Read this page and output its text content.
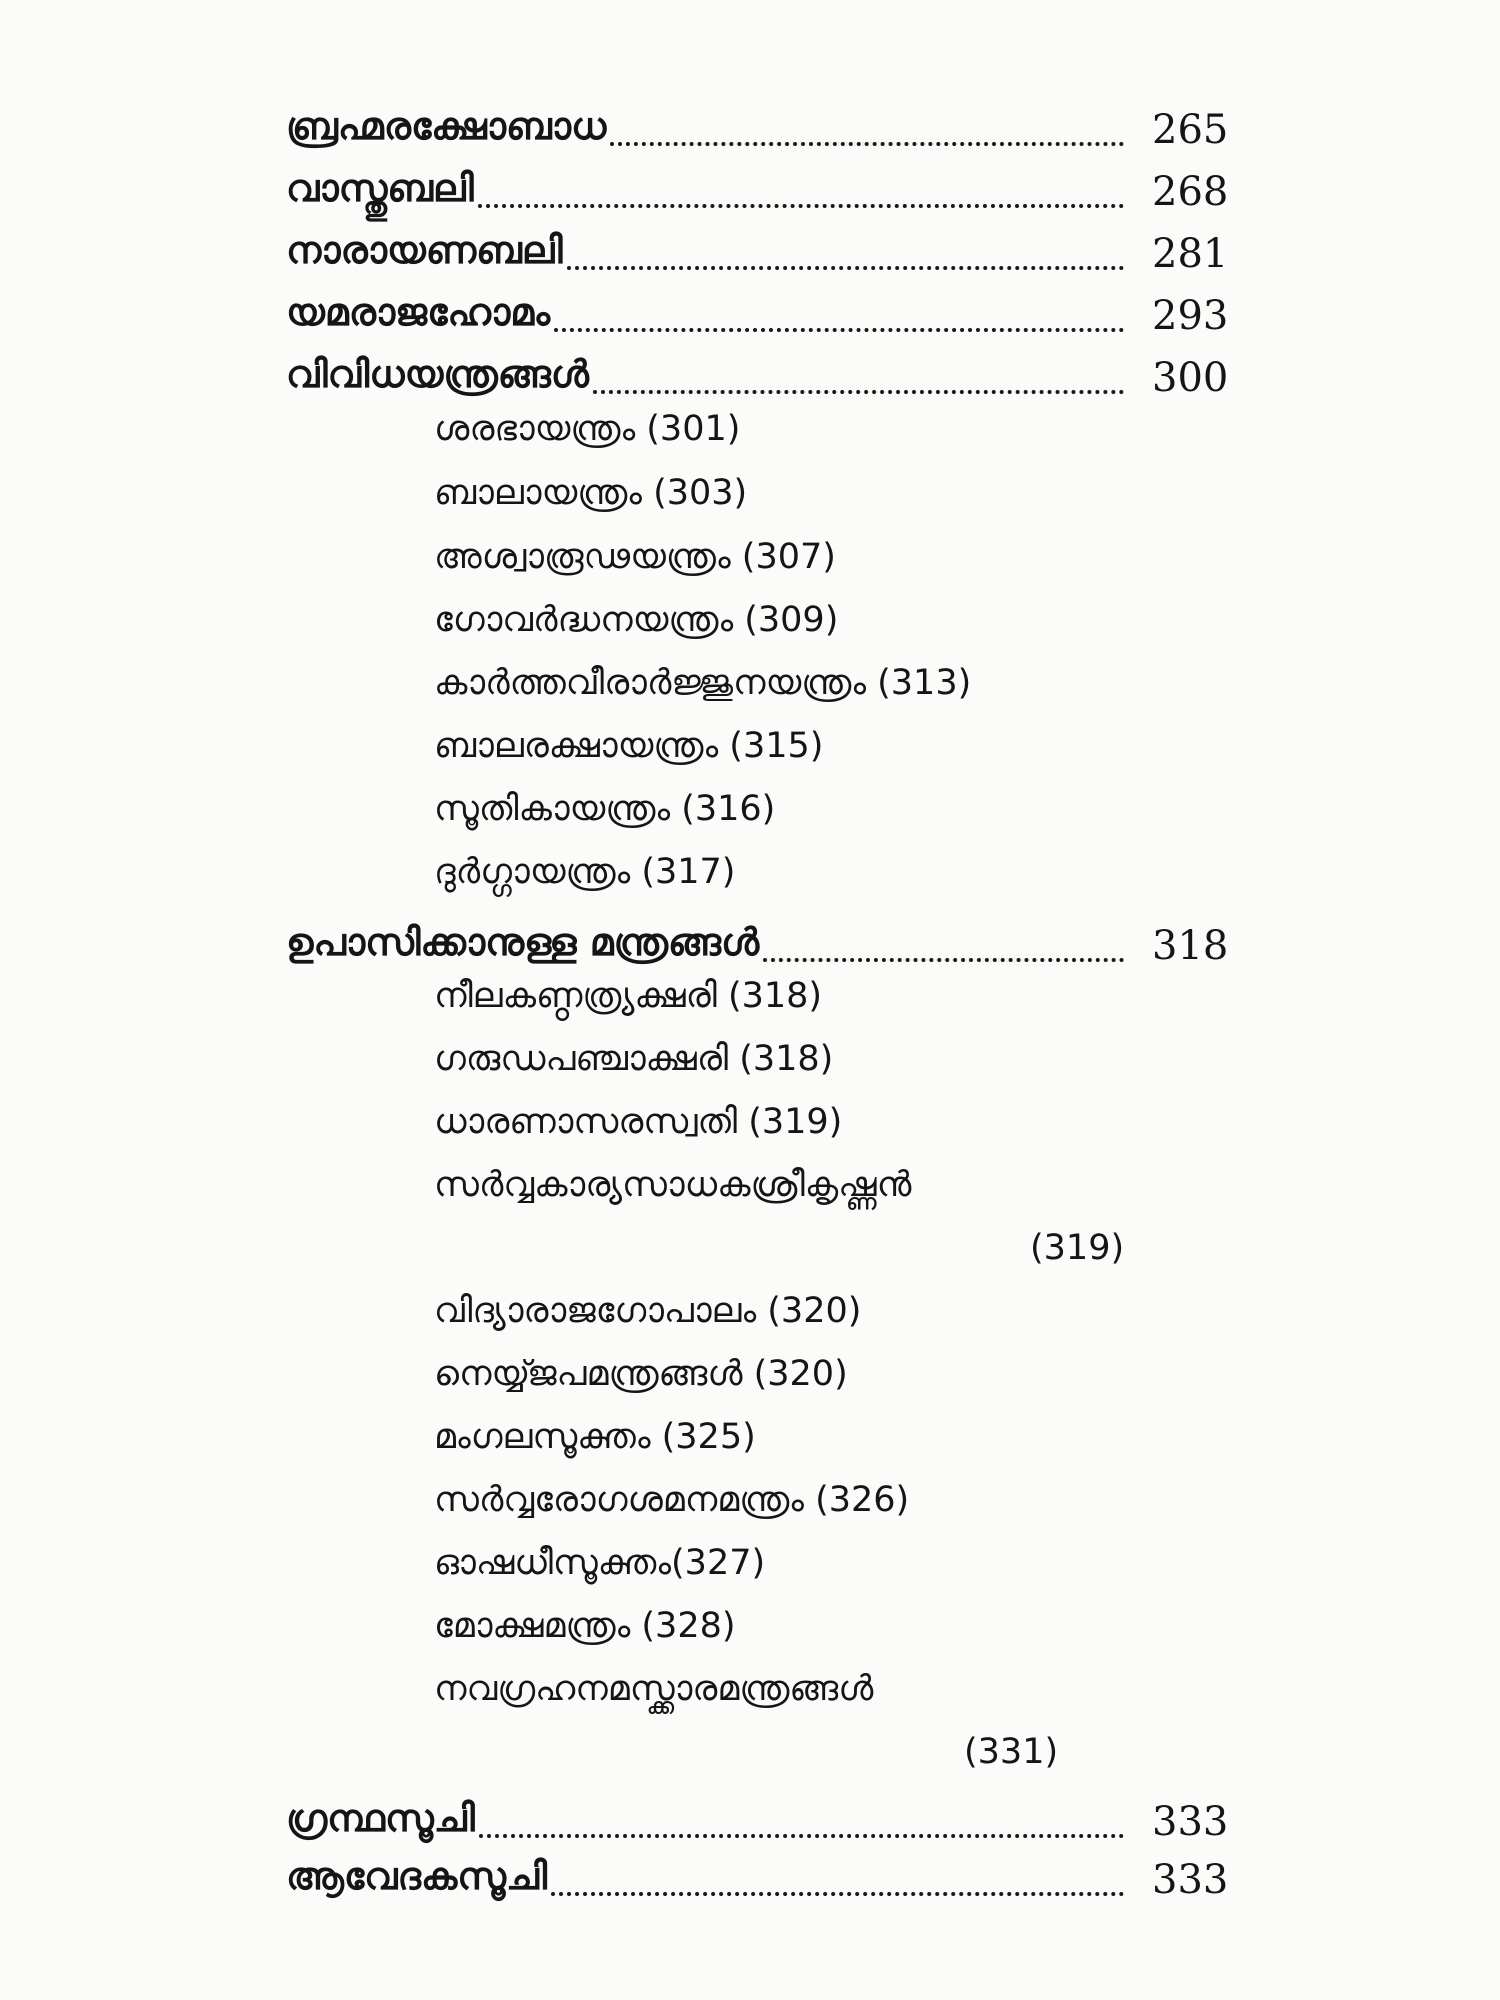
ബ്രഹ്മരക്ഷോബാധ	265
വാസ്തുബലി	268
നാരായണബലി	281
യമരാജഹോമം	293
വിവിധയന്ത്രങ്ങൾ	300
ശരഭായന്ത്രം (301)
ബാലായന്ത്രം (303)
അശ്വാരൂഢയന്ത്രം (307)
ഗോവർദ്ധനയന്ത്രം (309)
കാർത്തവീരാർജ്ജുനയന്ത്രം (313)
ബാലരക്ഷായന്ത്രം (315)
സൂതികായന്ത്രം (316)
ദുർഗ്ഗായന്ത്രം (317)
ഉപാസിക്കാനുള്ള മന്ത്രങ്ങൾ	318
നീലകണ്ഠത്ര്യക്ഷരി (318)
ഗരുഡപഞ്ചാക്ഷരി (318)
ധാരണാസരസ്വതി (319)
സർവ്വകാര്യസാധകശ്രീകൃഷ്ണൻ
(319)
വിദ്യാരാജഗോപാലം (320)
നെയ്യ്ജപമന്ത്രങ്ങൾ (320)
മംഗലസൂക്തം (325)
സർവ്വരോഗശമനമന്ത്രം (326)
ഓഷധീസൂക്തം(327)
മോക്ഷമന്ത്രം (328)
നവഗ്രഹനമസ്ക്കാരമന്ത്രങ്ങൾ
(331)
ഗ്രന്ഥസൂചി	333
ആവേദകസൂചി	333
